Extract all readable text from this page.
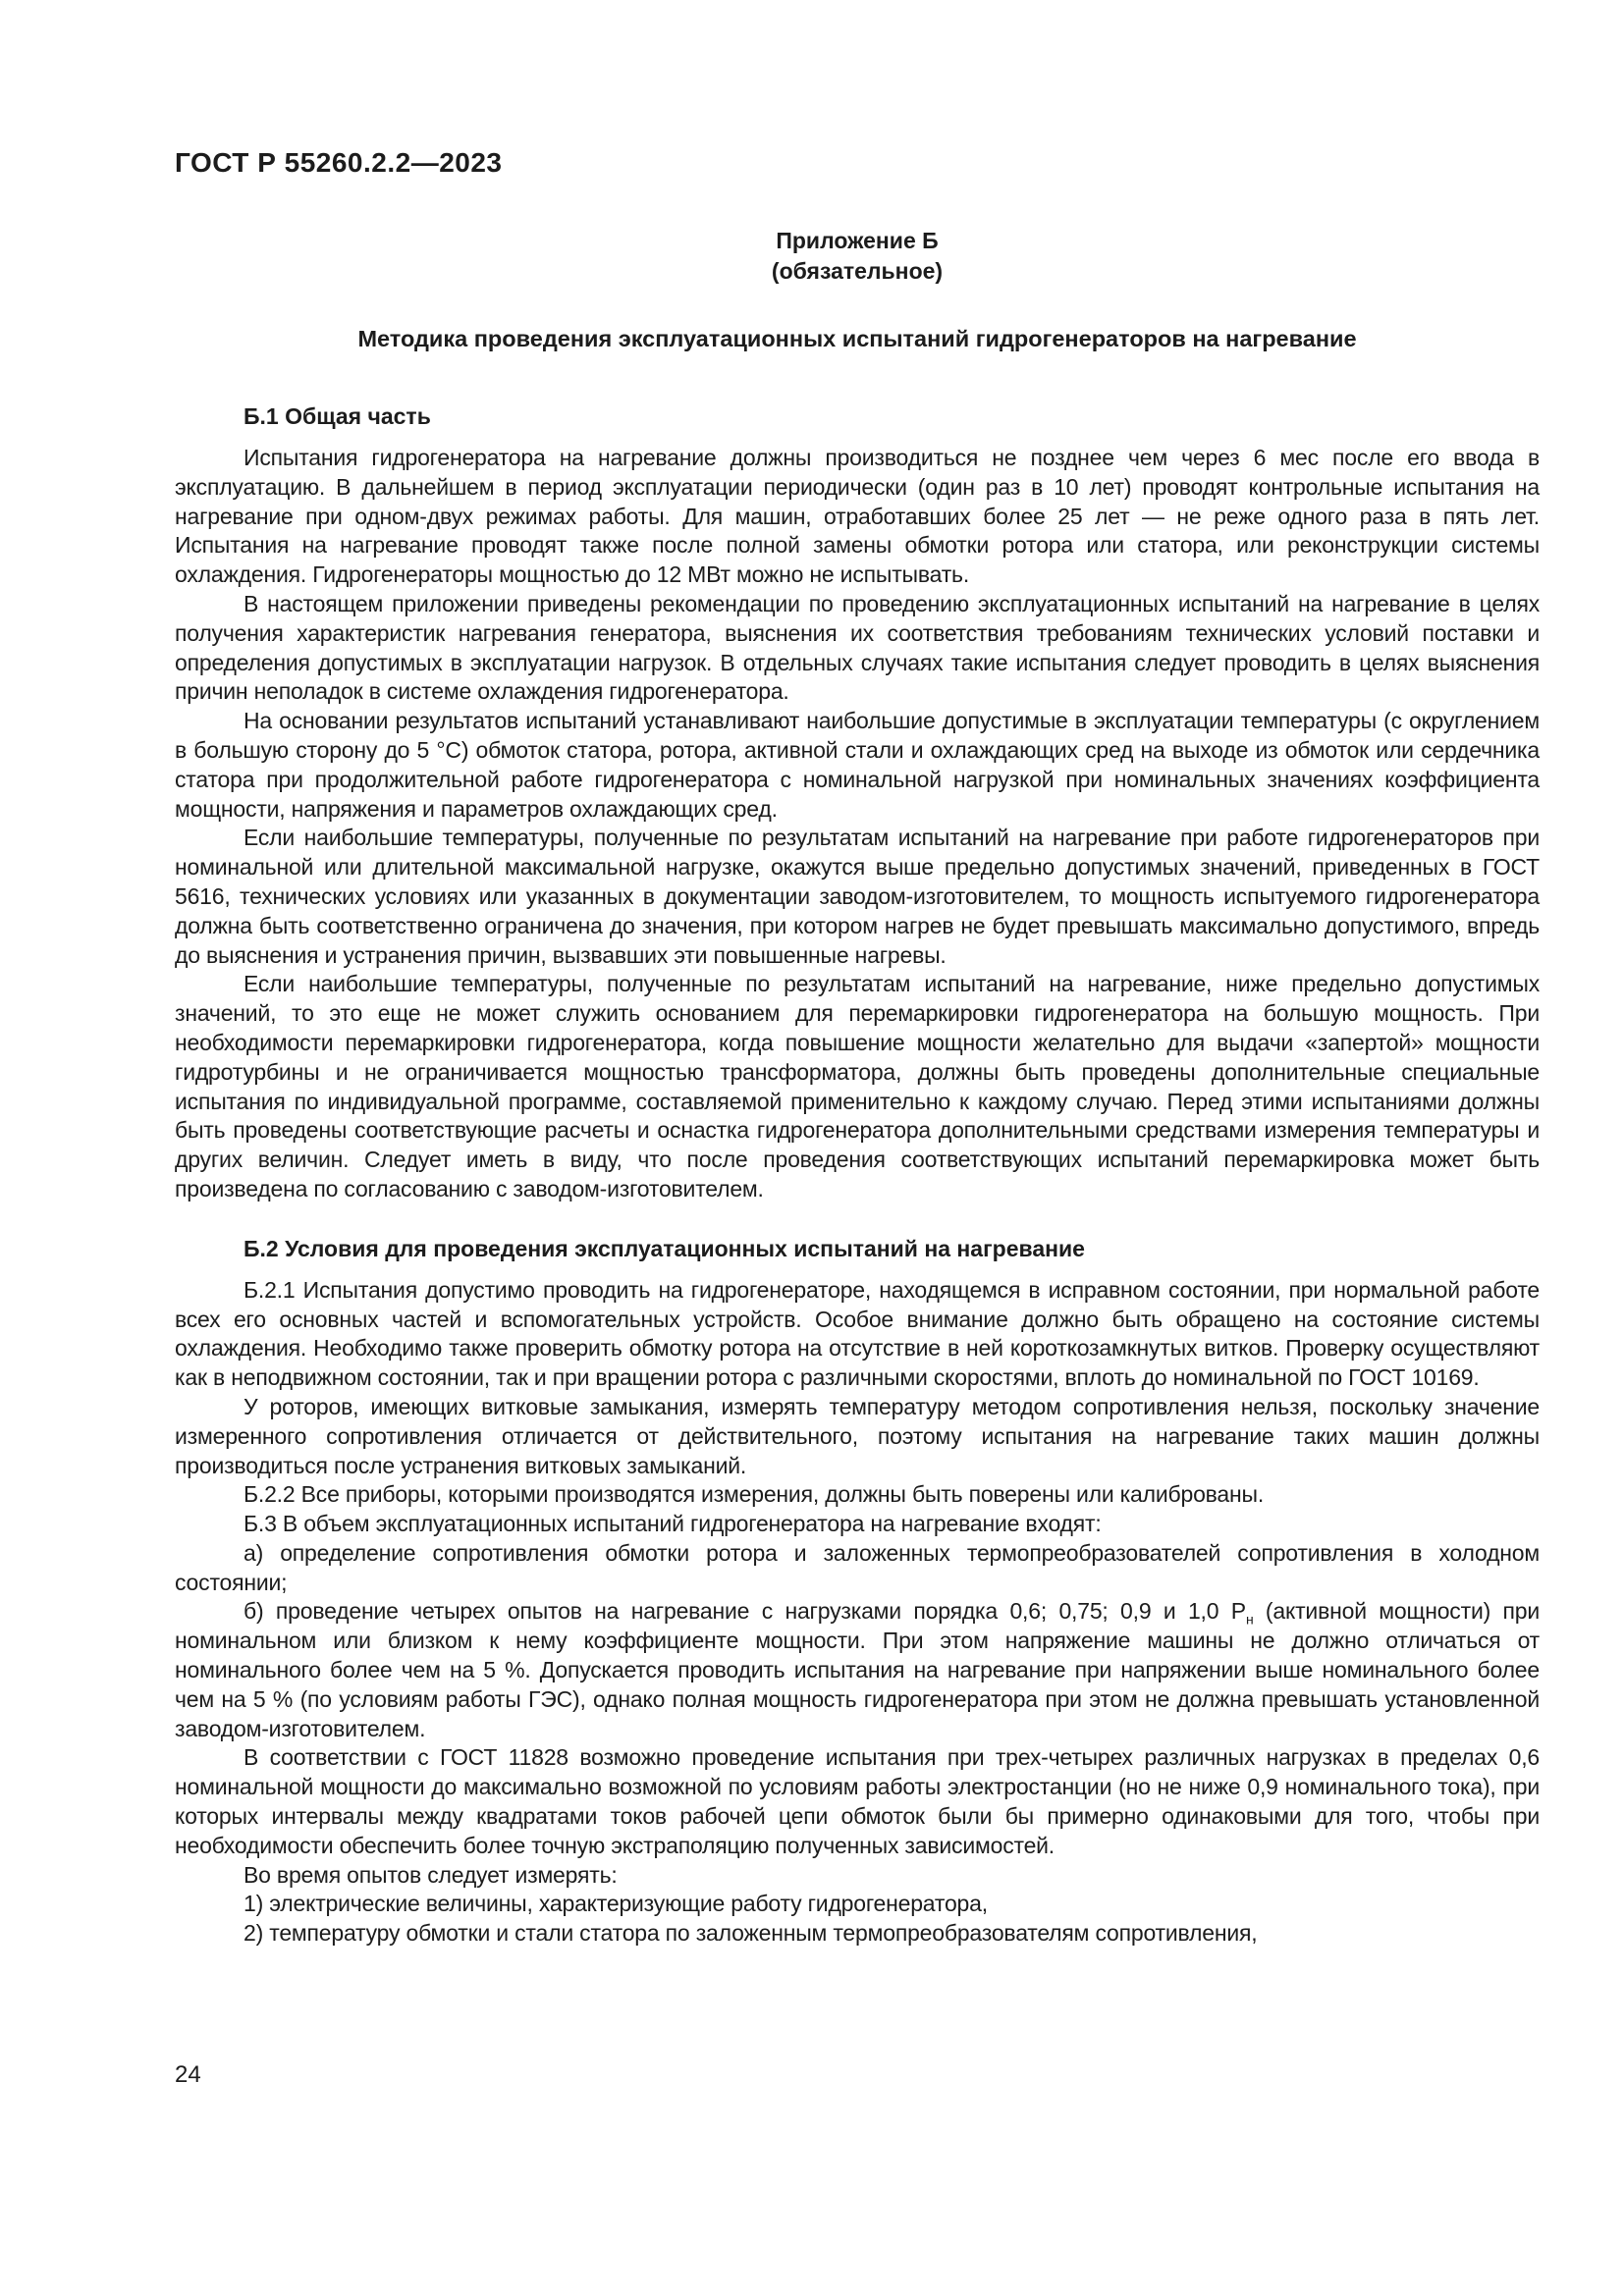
ГОСТ Р 55260.2.2—2023
Приложение Б
(обязательное)
Методика проведения эксплуатационных испытаний гидрогенераторов на нагревание
Б.1 Общая часть

Испытания гидрогенератора на нагревание должны производиться не позднее чем через 6 мес после его ввода в эксплуатацию. В дальнейшем в период эксплуатации периодически (один раз в 10 лет) проводят контрольные испытания на нагревание при одном-двух режимах работы. Для машин, отработавших более 25 лет — не реже одного раза в пять лет. Испытания на нагревание проводят также после полной замены обмотки ротора или статора, или реконструкции системы охлаждения. Гидрогенераторы мощностью до 12 МВт можно не испытывать.

В настоящем приложении приведены рекомендации по проведению эксплуатационных испытаний на нагревание в целях получения характеристик нагревания генератора, выяснения их соответствия требованиям технических условий поставки и определения допустимых в эксплуатации нагрузок. В отдельных случаях такие испытания следует проводить в целях выяснения причин неполадок в системе охлаждения гидрогенератора.

На основании результатов испытаний устанавливают наибольшие допустимые в эксплуатации температуры (с округлением в большую сторону до 5 °С) обмоток статора, ротора, активной стали и охлаждающих сред на выходе из обмоток или сердечника статора при продолжительной работе гидрогенератора с номинальной нагрузкой при номинальных значениях коэффициента мощности, напряжения и параметров охлаждающих сред.

Если наибольшие температуры, полученные по результатам испытаний на нагревание при работе гидрогенераторов при номинальной или длительной максимальной нагрузке, окажутся выше предельно допустимых значений, приведенных в ГОСТ 5616, технических условиях или указанных в документации заводом-изготовителем, то мощность испытуемого гидрогенератора должна быть соответственно ограничена до значения, при котором нагрев не будет превышать максимально допустимого, впредь до выяснения и устранения причин, вызвавших эти повышенные нагревы.

Если наибольшие температуры, полученные по результатам испытаний на нагревание, ниже предельно допустимых значений, то это еще не может служить основанием для перемаркировки гидрогенератора на большую мощность. При необходимости перемаркировки гидрогенератора, когда повышение мощности желательно для выдачи «запертой» мощности гидротурбины и не ограничивается мощностью трансформатора, должны быть проведены дополнительные специальные испытания по индивидуальной программе, составляемой применительно к каждому случаю. Перед этими испытаниями должны быть проведены соответствующие расчеты и оснастка гидрогенератора дополнительными средствами измерения температуры и других величин. Следует иметь в виду, что после проведения соответствующих испытаний перемаркировка может быть произведена по согласованию с заводом-изготовителем.

Б.2 Условия для проведения эксплуатационных испытаний на нагревание

Б.2.1 Испытания допустимо проводить на гидрогенераторе, находящемся в исправном состоянии, при нормальной работе всех его основных частей и вспомогательных устройств. Особое внимание должно быть обращено на состояние системы охлаждения. Необходимо также проверить обмотку ротора на отсутствие в ней короткозамкнутых витков. Проверку осуществляют как в неподвижном состоянии, так и при вращении ротора с различными скоростями, вплоть до номинальной по ГОСТ 10169.

У роторов, имеющих витковые замыкания, измерять температуру методом сопротивления нельзя, поскольку значение измеренного сопротивления отличается от действительного, поэтому испытания на нагревание таких машин должны производиться после устранения витковых замыканий.

Б.2.2 Все приборы, которыми производятся измерения, должны быть поверены или калиброваны.

Б.3 В объем эксплуатационных испытаний гидрогенератора на нагревание входят:

а) определение сопротивления обмотки ротора и заложенных термопреобразователей сопротивления в холодном состоянии;

б) проведение четырех опытов на нагревание с нагрузками порядка 0,6; 0,75; 0,9 и 1,0 $Р_н$ (активной мощности) при номинальном или близком к нему коэффициенте мощности. При этом напряжение машины не должно отличаться от номинального более чем на 5 %. Допускается проводить испытания на нагревание при напряжении выше номинального более чем на 5 % (по условиям работы ГЭС), однако полная мощность гидрогенератора при этом не должна превышать установленной заводом-изготовителем.

В соответствии с ГОСТ 11828 возможно проведение испытания при трех-четырех различных нагрузках в пределах 0,6 номинальной мощности до максимально возможной по условиям работы электростанции (но не ниже 0,9 номинального тока), при которых интервалы между квадратами токов рабочей цепи обмоток были бы примерно одинаковыми для того, чтобы при необходимости обеспечить более точную экстраполяцию полученных зависимостей.

Во время опытов следует измерять:

1) электрические величины, характеризующие работу гидрогенератора,

2) температуру обмотки и стали статора по заложенным термопреобразователям сопротивления,

24
